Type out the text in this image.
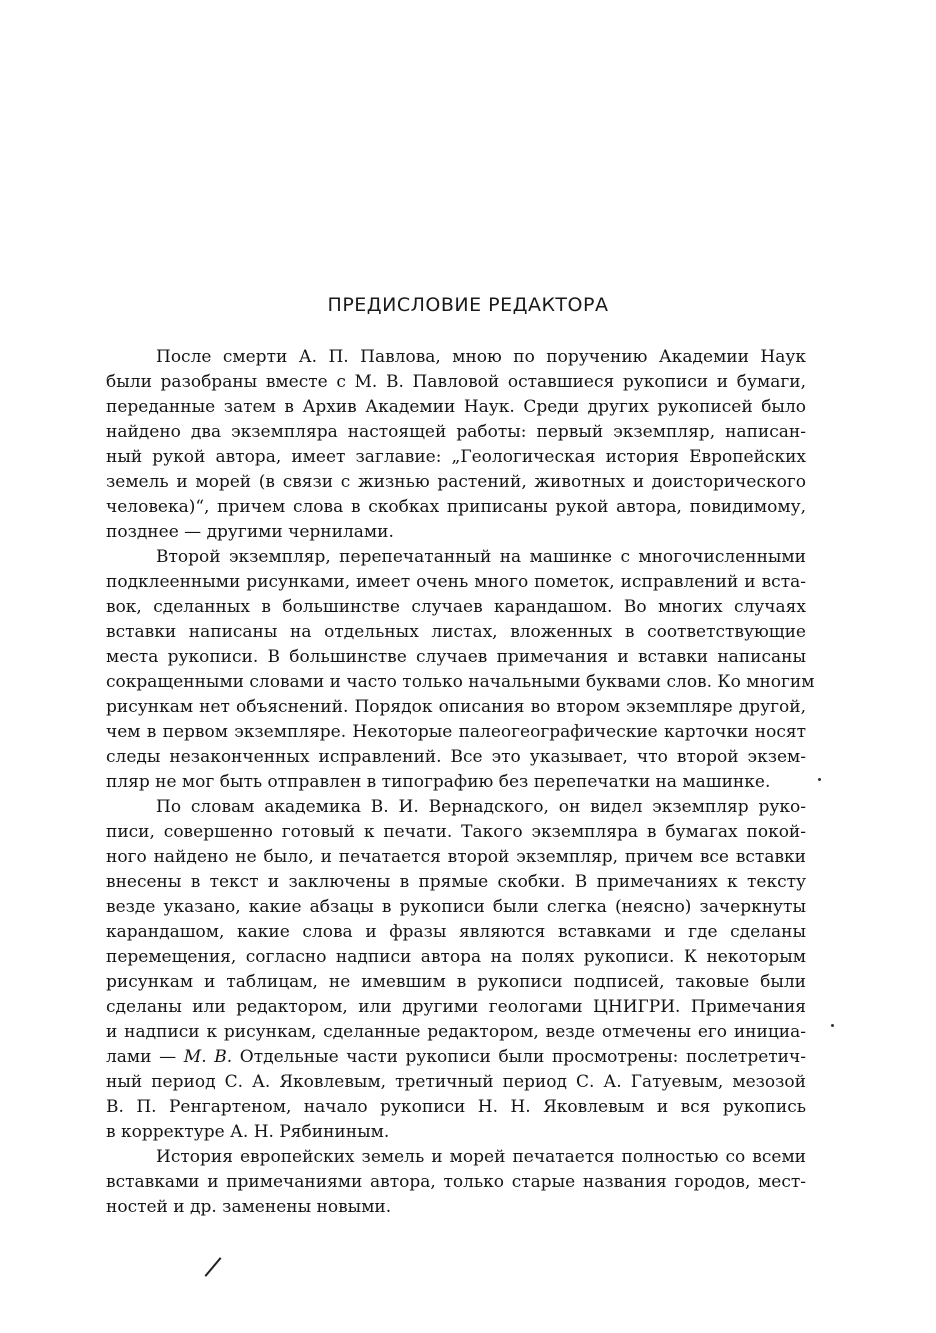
ПРЕДИСЛОВИЕ РЕДАКТОРА
После смерти А. П. Павлова, мною по поручению Академии Наук
были разобраны вместе с М. В. Павловой оставшиеся рукописи и бумаги,
переданные затем в Архив Академии Наук. Среди других рукописей было
найдено два экземпляра настоящей работы: первый экземпляр, написан-
ный рукой автора, имеет заглавие: „Геологическая история Европейских
земель и морей (в связи с жизнью растений, животных и доисторического
человека)“, причем слова в скобках приписаны рукой автора, повидимому,
позднее — другими чернилами.
Второй экземпляр, перепечатанный на машинке с многочисленными
подклеенными рисунками, имеет очень много пометок, исправлений и вста-
вок, сделанных в большинстве случаев карандашом. Во многих случаях
вставки написаны на отдельных листах, вложенных в соответствующие
места рукописи. В большинстве случаев примечания и вставки написаны
сокращенными словами и часто только начальными буквами слов. Ко многим
рисункам нет объяснений. Порядок описания во втором экземпляре другой,
чем в первом экземпляре. Некоторые палеогеографические карточки носят
следы незаконченных исправлений. Все это указывает, что второй экзем-
пляр не мог быть отправлен в типографию без перепечатки на машинке.
По словам академика В. И. Вернадского, он видел экземпляр руко-
писи, совершенно готовый к печати. Такого экземпляра в бумагах покой-
ного найдено не было, и печатается второй экземпляр, причем все вставки
внесены в текст и заключены в прямые скобки. В примечаниях к тексту
везде указано, какие абзацы в рукописи были слегка (неясно) зачеркнуты
карандашом, какие слова и фразы являются вставками и где сделаны
перемещения, согласно надписи автора на полях рукописи. К некоторым
рисункам и таблицам, не имевшим в рукописи подписей, таковые были
сделаны или редактором, или другими геологами ЦНИГРИ. Примечания
и надписи к рисункам, сделанные редактором, везде отмечены его инициа-
лами — М. В. Отдельные части рукописи были просмотрены: послетретич-
ный период С. А. Яковлевым, третичный период С. А. Гатуевым, мезозой
В. П. Ренгартеном, начало рукописи Н. Н. Яковлевым и вся рукопись
в корректуре А. Н. Рябининым.
История европейских земель и морей печатается полностью со всеми
вставками и примечаниями автора, только старые названия городов, мест-
ностей и др. заменены новыми.
